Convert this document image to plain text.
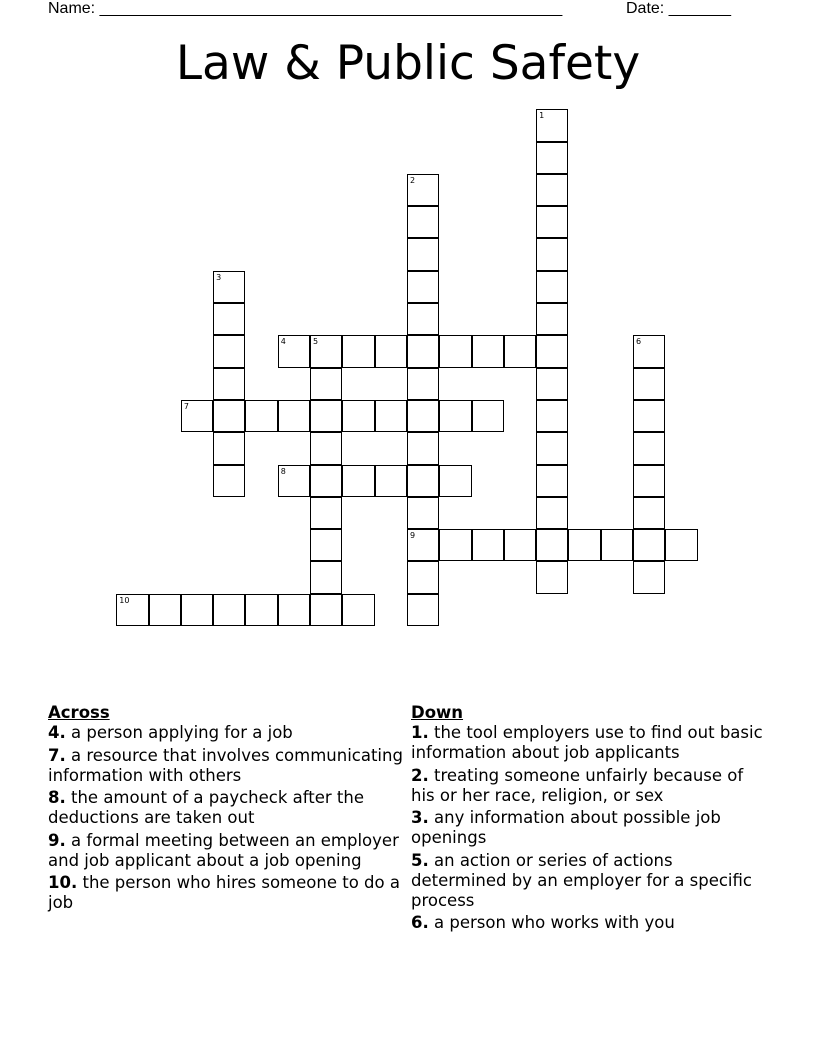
Name: ____________________________________________________	Date: _______
Law & Public Safety
1
2
9
3
4	5	6
7
8
10
Across
4. a person applying for a job
7. a resource that involves communicating information with others
8. the amount of a paycheck after the deductions are taken out
9. a formal meeting between an employer and job applicant about a job opening
10. the person who hires someone to do a job
Down
1. the tool employers use to find out basic information about job applicants
2. treating someone unfairly because of his or her race, religion, or sex
3. any information about possible job openings
5. an action or series of actions determined by an employer for a specific process
6. a person who works with you
